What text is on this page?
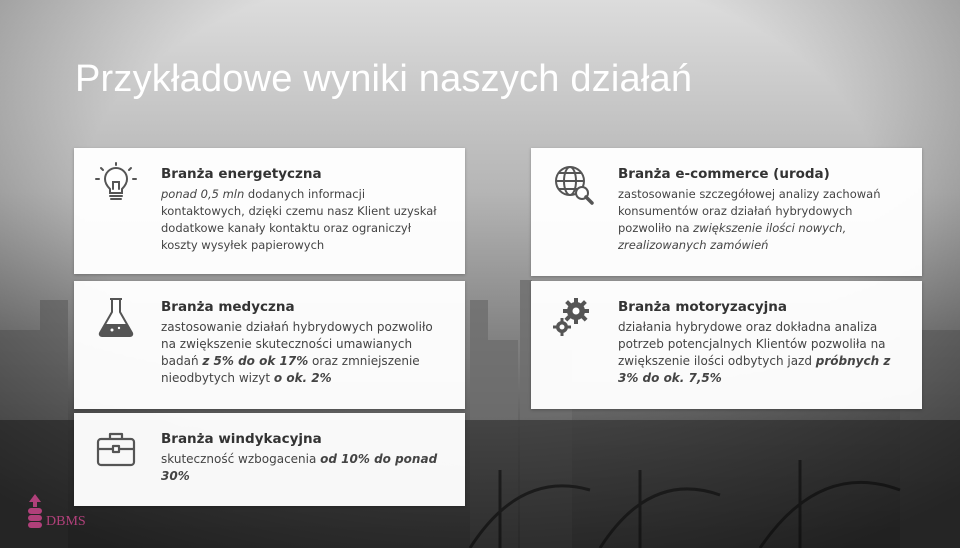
Przykładowe wyniki naszych działań
Branża energetyczna

ponad 0,5 mln dodanych informacji kontaktowych, dzięki czemu nasz Klient uzyskał dodatkowe kanały kontaktu oraz ograniczył koszty wysyłek papierowych

Branża e-commerce (uroda)

zastosowanie szczegółowej analizy zachowań konsumentów oraz działań hybrydowych pozwoliło na zwiększenie ilości nowych, zrealizowanych zamówień

Branża medyczna

zastosowanie działań hybrydowych pozwoliło na zwiększenie skuteczności umawianych badań z 5% do ok 17% oraz zmniejszenie nieodbytych wizyt o ok. 2%

Branża motoryzacyjna

działania hybrydowe oraz dokładna analiza potrzeb potencjalnych Klientów pozwoliła na zwiększenie ilości odbytych jazd próbnych z 3% do ok. 7,5%

Branża windykacyjna

skuteczność wzbogacenia od 10% do ponad 30%

DBMS
